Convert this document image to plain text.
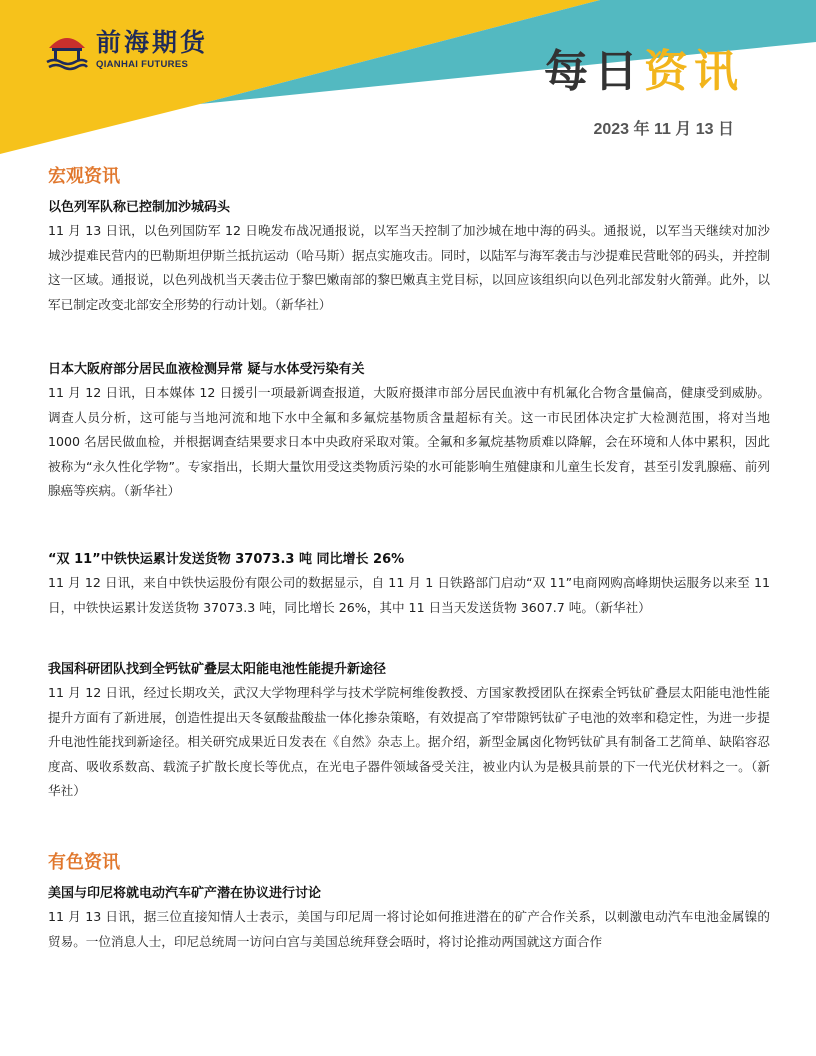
前海期货
QIANHAI FUTURES	每日资讯
2023 年 11 月 13 日
宏观资讯
以色列军队称已控制加沙城码头

11 月 13 日讯，以色列国防军 12 日晚发布战况通报说，以军当天控制了加沙城在地中海的码头。通报说，以军当天继续对加沙城沙提难民营内的巴勒斯坦伊斯兰抵抗运动（哈马斯）据点实施攻击。同时，以陆军与海军袭击与沙提难民营毗邻的码头，并控制这一区域。通报说，以色列战机当天袭击位于黎巴嫩南部的黎巴嫩真主党目标，以回应该组织向以色列北部发射火箭弹。此外，以军已制定改变北部安全形势的行动计划。（新华社）

日本大阪府部分居民血液检测异常 疑与水体受污染有关

11 月 12 日讯，日本媒体 12 日援引一项最新调查报道，大阪府摄津市部分居民血液中有机氟化合物含量偏高，健康受到威胁。调查人员分析，这可能与当地河流和地下水中全氟和多氟烷基物质含量超标有关。这一市民团体决定扩大检测范围，将对当地 1000 名居民做血检，并根据调查结果要求日本中央政府采取对策。全氟和多氟烷基物质难以降解，会在环境和人体中累积，因此被称为“永久性化学物”。专家指出，长期大量饮用受这类物质污染的水可能影响生殖健康和儿童生长发育，甚至引发乳腺癌、前列腺癌等疾病。（新华社）

“双 11”中铁快运累计发送货物 37073.3 吨 同比增长 26%

11 月 12 日讯，来自中铁快运股份有限公司的数据显示，自 11 月 1 日铁路部门启动“双 11”电商网购高峰期快运服务以来至 11 日，中铁快运累计发送货物 37073.3 吨，同比增长 26%，其中 11 日当天发送货物 3607.7 吨。（新华社）

我国科研团队找到全钙钛矿叠层太阳能电池性能提升新途径

11 月 12 日讯，经过长期攻关，武汉大学物理科学与技术学院柯维俊教授、方国家教授团队在探索全钙钛矿叠层太阳能电池性能提升方面有了新进展，创造性提出天冬氨酸盐酸盐一体化掺杂策略，有效提高了窄带隙钙钛矿子电池的效率和稳定性，为进一步提升电池性能找到新途径。相关研究成果近日发表在《自然》杂志上。据介绍，新型金属卤化物钙钛矿具有制备工艺简单、缺陷容忍度高、吸收系数高、载流子扩散长度长等优点，在光电子器件领域备受关注，被业内认为是极具前景的下一代光伏材料之一。（新华社）

有色资讯
美国与印尼将就电动汽车矿产潜在协议进行讨论

11 月 13 日讯，据三位直接知情人士表示，美国与印尼周一将讨论如何推进潜在的矿产合作关系，以刺激电动汽车电池金属镍的贸易。一位消息人士，印尼总统周一访问白宫与美国总统拜登会晤时，将讨论推动两国就这方面合作
